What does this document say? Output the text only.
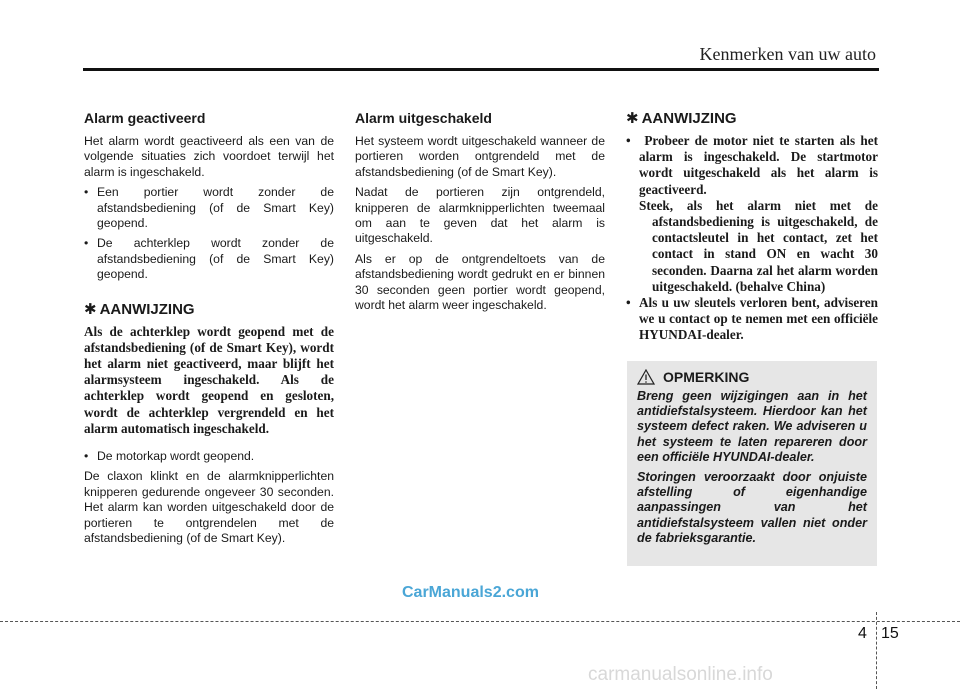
Kenmerken van uw auto
Alarm geactiveerd

Het alarm wordt geactiveerd als een van de volgende situaties zich voordoet terwijl het alarm is ingeschakeld.

• Een portier wordt zonder de afstandsbediening (of de Smart Key) geopend.
• De achterklep wordt zonder de afstandsbediening (of de Smart Key) geopend.
✱ AANWIJZING

Als de achterklep wordt geopend met de afstandsbediening (of de Smart Key), wordt het alarm niet geactiveerd, maar blijft het alarmsysteem ingeschakeld. Als de achterklep wordt geopend en gesloten, wordt de achterklep vergrendeld en het alarm automatisch ingeschakeld.

• De motorkap wordt geopend.

De claxon klinkt en de alarmknipperlichten knipperen gedurende ongeveer 30 seconden. Het alarm kan worden uitgeschakeld door de portieren te ontgrendelen met de afstandsbediening (of de Smart Key).

Alarm uitgeschakeld

Het systeem wordt uitgeschakeld wanneer de portieren worden ontgrendeld met de afstandsbediening (of de Smart Key).

Nadat de portieren zijn ontgrendeld, knipperen de alarmknipperlichten tweemaal om aan te geven dat het alarm is uitgeschakeld.

Als er op de ontgrendeltoets van de afstandsbediening wordt gedrukt en er binnen 30 seconden geen portier wordt geopend, wordt het alarm weer ingeschakeld.

✱ AANWIJZING
• Probeer de motor niet te starten als het alarm is ingeschakeld. De startmotor wordt uitgeschakeld als het alarm is geactiveerd.
Steek, als het alarm niet met de afstandsbediening is uitgeschakeld, de contactsleutel in het contact, zet het contact in stand ON en wacht 30 seconden. Daarna zal het alarm worden uitgeschakeld. (behalve China)
• Als u uw sleutels verloren bent, adviseren we u contact op te nemen met een officiële HYUNDAI-dealer.
OPMERKING

Breng geen wijzigingen aan in het antidiefstalsysteem. Hierdoor kan het systeem defect raken. We adviseren u het systeem te laten repareren door een officiële HYUNDAI-dealer.

Storingen veroorzaakt door onjuiste afstelling of eigenhandige aanpassingen van het antidiefstalsysteem vallen niet onder de fabrieksgarantie.

CarManuals2.com
4 15
carmanualsonline.info
